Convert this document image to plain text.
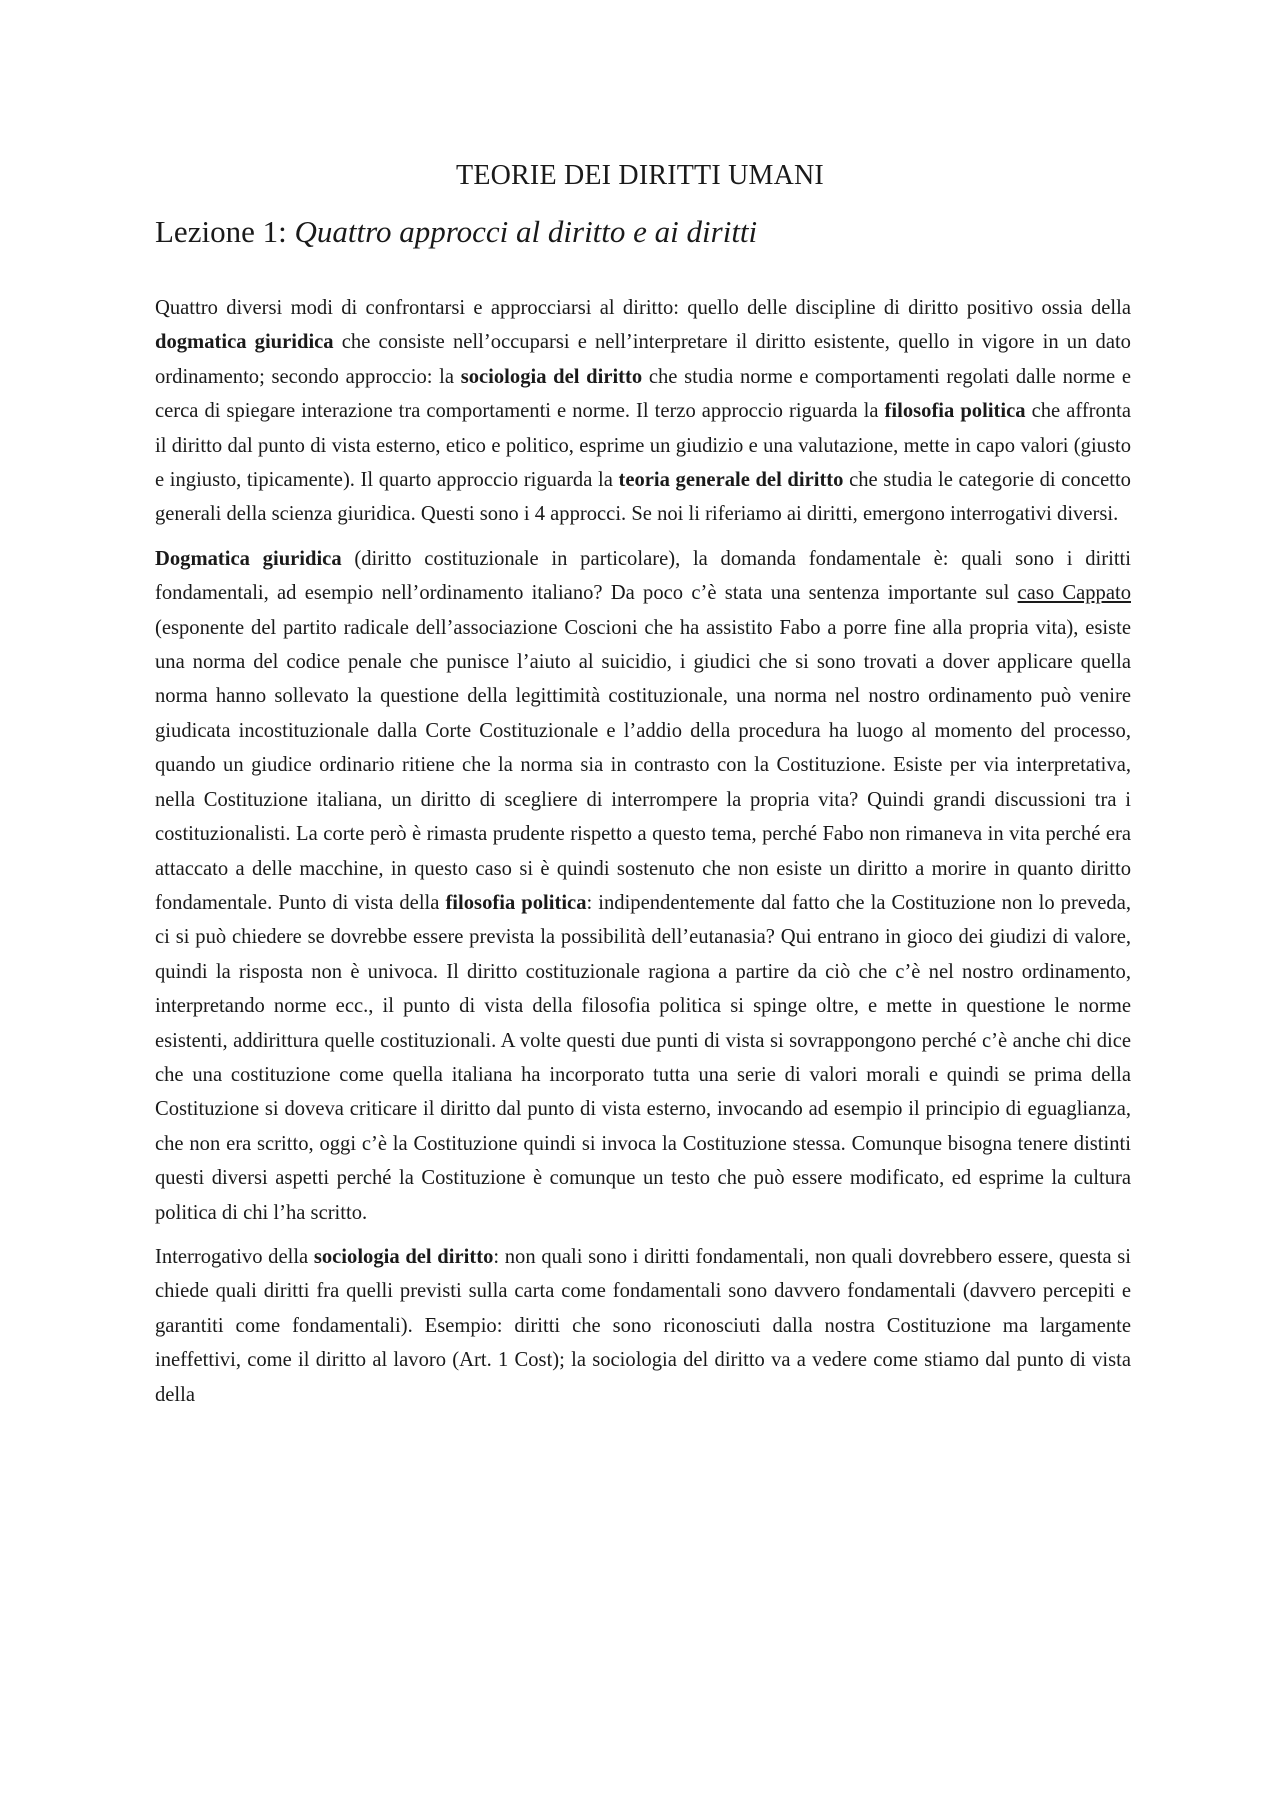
TEORIE DEI DIRITTI UMANI
Lezione 1: Quattro approcci al diritto e ai diritti

Quattro diversi modi di confrontarsi e approcciarsi al diritto: quello delle discipline di diritto positivo ossia della dogmatica giuridica che consiste nell’occuparsi e nell’interpretare il diritto esistente, quello in vigore in un dato ordinamento; secondo approccio: la sociologia del diritto che studia norme e comportamenti regolati dalle norme e cerca di spiegare interazione tra comportamenti e norme. Il terzo approccio riguarda la filosofia politica che affronta il diritto dal punto di vista esterno, etico e politico, esprime un giudizio e una valutazione, mette in capo valori (giusto e ingiusto, tipicamente). Il quarto approccio riguarda la teoria generale del diritto che studia le categorie di concetto generali della scienza giuridica. Questi sono i 4 approcci. Se noi li riferiamo ai diritti, emergono interrogativi diversi.

Dogmatica giuridica (diritto costituzionale in particolare), la domanda fondamentale è: quali sono i diritti fondamentali, ad esempio nell’ordinamento italiano? Da poco c’è stata una sentenza importante sul caso Cappato (esponente del partito radicale dell’associazione Coscioni che ha assistito Fabo a porre fine alla propria vita), esiste una norma del codice penale che punisce l’aiuto al suicidio, i giudici che si sono trovati a dover applicare quella norma hanno sollevato la questione della legittimità costituzionale, una norma nel nostro ordinamento può venire giudicata incostituzionale dalla Corte Costituzionale e l’addio della procedura ha luogo al momento del processo, quando un giudice ordinario ritiene che la norma sia in contrasto con la Costituzione. Esiste per via interpretativa, nella Costituzione italiana, un diritto di scegliere di interrompere la propria vita? Quindi grandi discussioni tra i costituzionalisti. La corte però è rimasta prudente rispetto a questo tema, perché Fabo non rimaneva in vita perché era attaccato a delle macchine, in questo caso si è quindi sostenuto che non esiste un diritto a morire in quanto diritto fondamentale. Punto di vista della filosofia politica: indipendentemente dal fatto che la Costituzione non lo preveda, ci si può chiedere se dovrebbe essere prevista la possibilità dell’eutanasia? Qui entrano in gioco dei giudizi di valore, quindi la risposta non è univoca. Il diritto costituzionale ragiona a partire da ciò che c’è nel nostro ordinamento, interpretando norme ecc., il punto di vista della filosofia politica si spinge oltre, e mette in questione le norme esistenti, addirittura quelle costituzionali. A volte questi due punti di vista si sovrappongono perché c’è anche chi dice che una costituzione come quella italiana ha incorporato tutta una serie di valori morali e quindi se prima della Costituzione si doveva criticare il diritto dal punto di vista esterno, invocando ad esempio il principio di eguaglianza, che non era scritto, oggi c’è la Costituzione quindi si invoca la Costituzione stessa. Comunque bisogna tenere distinti questi diversi aspetti perché la Costituzione è comunque un testo che può essere modificato, ed esprime la cultura politica di chi l’ha scritto.

Interrogativo della sociologia del diritto: non quali sono i diritti fondamentali, non quali dovrebbero essere, questa si chiede quali diritti fra quelli previsti sulla carta come fondamentali sono davvero fondamentali (davvero percepiti e garantiti come fondamentali). Esempio: diritti che sono riconosciuti dalla nostra Costituzione ma largamente ineffettivi, come il diritto al lavoro (Art. 1 Cost); la sociologia del diritto va a vedere come stiamo dal punto di vista della
